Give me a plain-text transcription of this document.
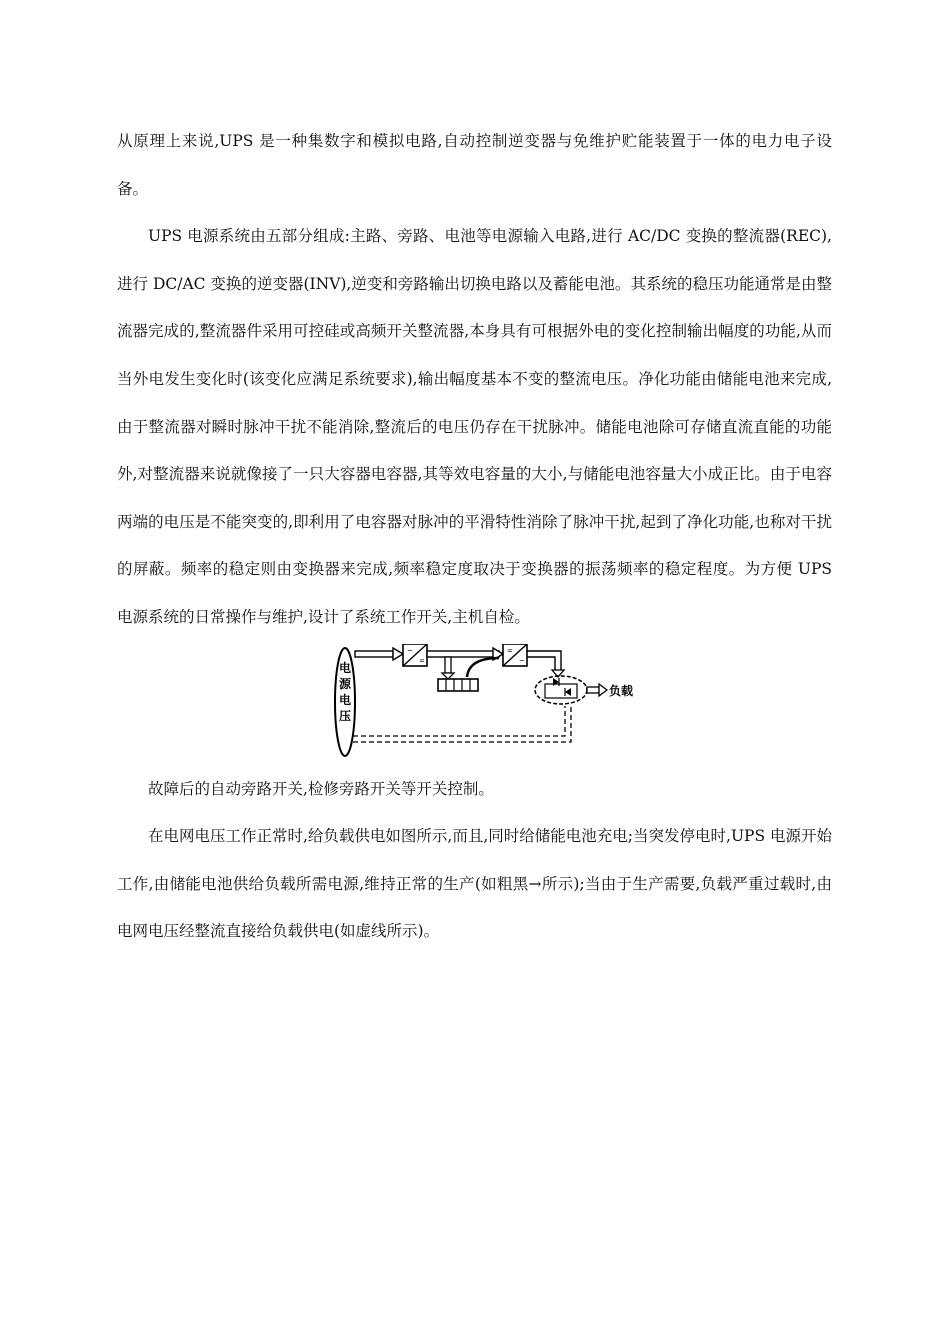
从原理上来说,UPS 是一种集数字和模拟电路,自动控制逆变器与免维护贮能装置于一体的电力电子设备。

UPS 电源系统由五部分组成:主路、旁路、电池等电源输入电路,进行 AC/DC 变换的整流器(REC),进行 DC/AC 变换的逆变器(INV),逆变和旁路输出切换电路以及蓄能电池。其系统的稳压功能通常是由整流器完成的,整流器件采用可控硅或高频开关整流器,本身具有可根据外电的变化控制输出幅度的功能,从而当外电发生变化时(该变化应满足系统要求),输出幅度基本不变的整流电压。净化功能由储能电池来完成,由于整流器对瞬时脉冲干扰不能消除,整流后的电压仍存在干扰脉冲。储能电池除可存储直流直能的功能外,对整流器来说就像接了一只大容器电容器,其等效电容量的大小,与储能电池容量大小成正比。由于电容两端的电压是不能突变的,即利用了电容器对脉冲的平滑特性消除了脉冲干扰,起到了净化功能,也称对干扰的屏蔽。频率的稳定则由变换器来完成,频率稳定度取决于变换器的振荡频率的稳定程度。为方便 UPS 电源系统的日常操作与维护,设计了系统工作开关,主机自检。

电
源
电
压
~
=
=
~
负载

故障后的自动旁路开关,检修旁路开关等开关控制。

在电网电压工作正常时,给负载供电如图所示,而且,同时给储能电池充电;当突发停电时,UPS 电源开始工作,由储能电池供给负载所需电源,维持正常的生产(如粗黑→所示);当由于生产需要,负载严重过载时,由电网电压经整流直接给负载供电(如虚线所示)。
